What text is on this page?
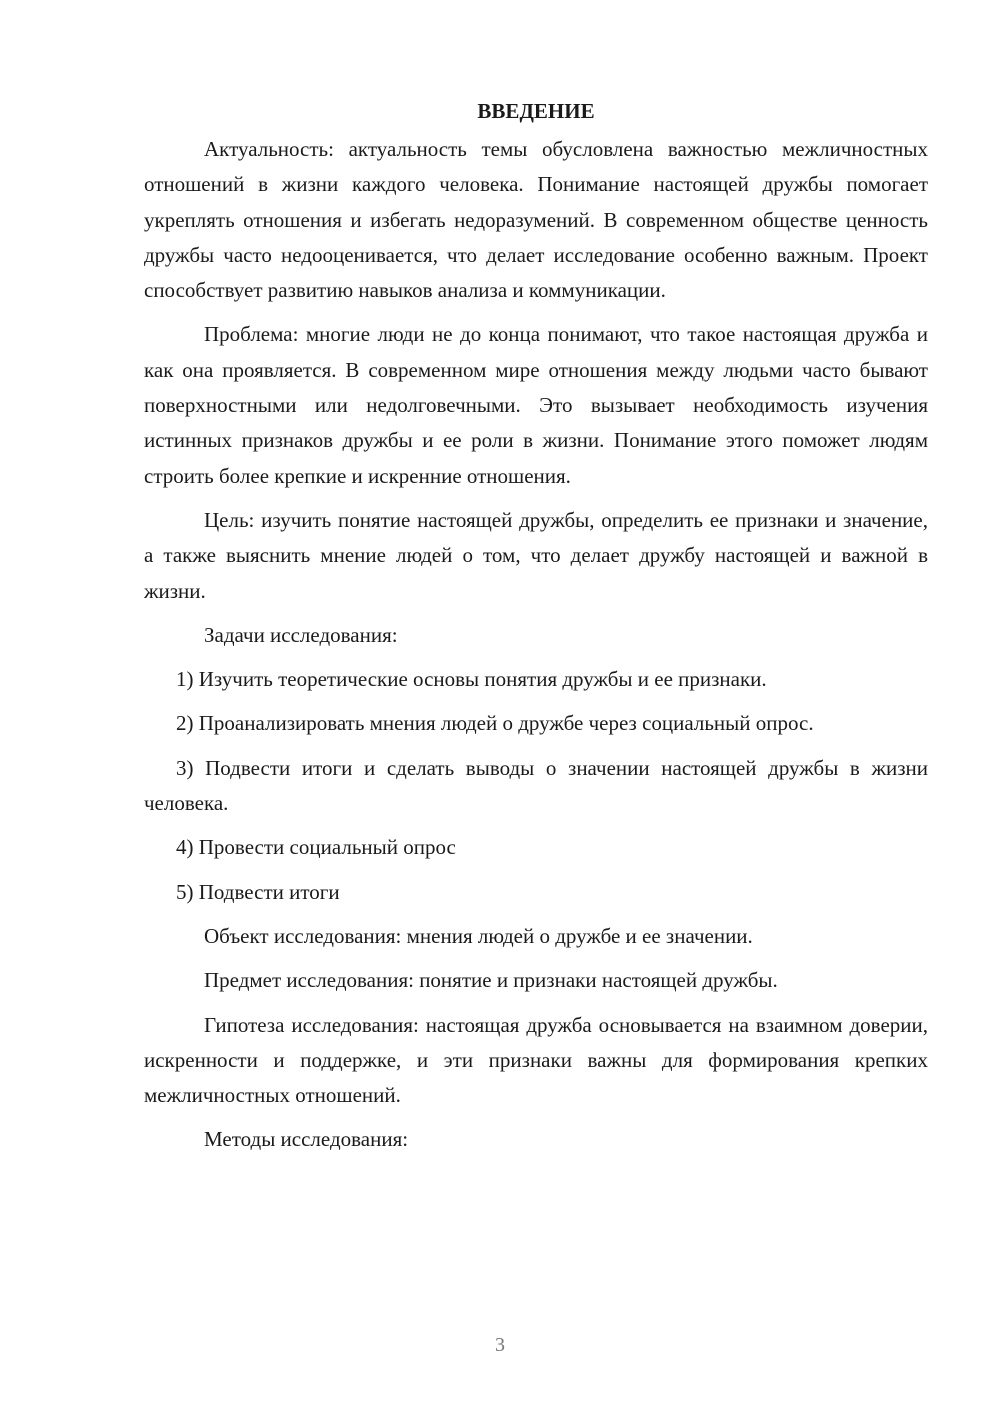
ВВЕДЕНИЕ

Актуальность: актуальность темы обусловлена важностью межличностных отношений в жизни каждого человека. Понимание настоящей дружбы помогает укреплять отношения и избегать недоразумений. В современном обществе ценность дружбы часто недооценивается, что делает исследование особенно важным. Проект способствует развитию навыков анализа и коммуникации.

Проблема: многие люди не до конца понимают, что такое настоящая дружба и как она проявляется. В современном мире отношения между людьми часто бывают поверхностными или недолговечными. Это вызывает необходимость изучения истинных признаков дружбы и ее роли в жизни. Понимание этого поможет людям строить более крепкие и искренние отношения.

Цель: изучить понятие настоящей дружбы, определить ее признаки и значение, а также выяснить мнение людей о том, что делает дружбу настоящей и важной в жизни.

Задачи исследования:

1) Изучить теоретические основы понятия дружбы и ее признаки.

2) Проанализировать мнения людей о дружбе через социальный опрос.

3) Подвести итоги и сделать выводы о значении настоящей дружбы в жизни человека.

4) Провести социальный опрос

5) Подвести итоги

Объект исследования: мнения людей о дружбе и ее значении.

Предмет исследования: понятие и признаки настоящей дружбы.

Гипотеза исследования: настоящая дружба основывается на взаимном доверии, искренности и поддержке, и эти признаки важны для формирования крепких межличностных отношений.

Методы исследования:

3
